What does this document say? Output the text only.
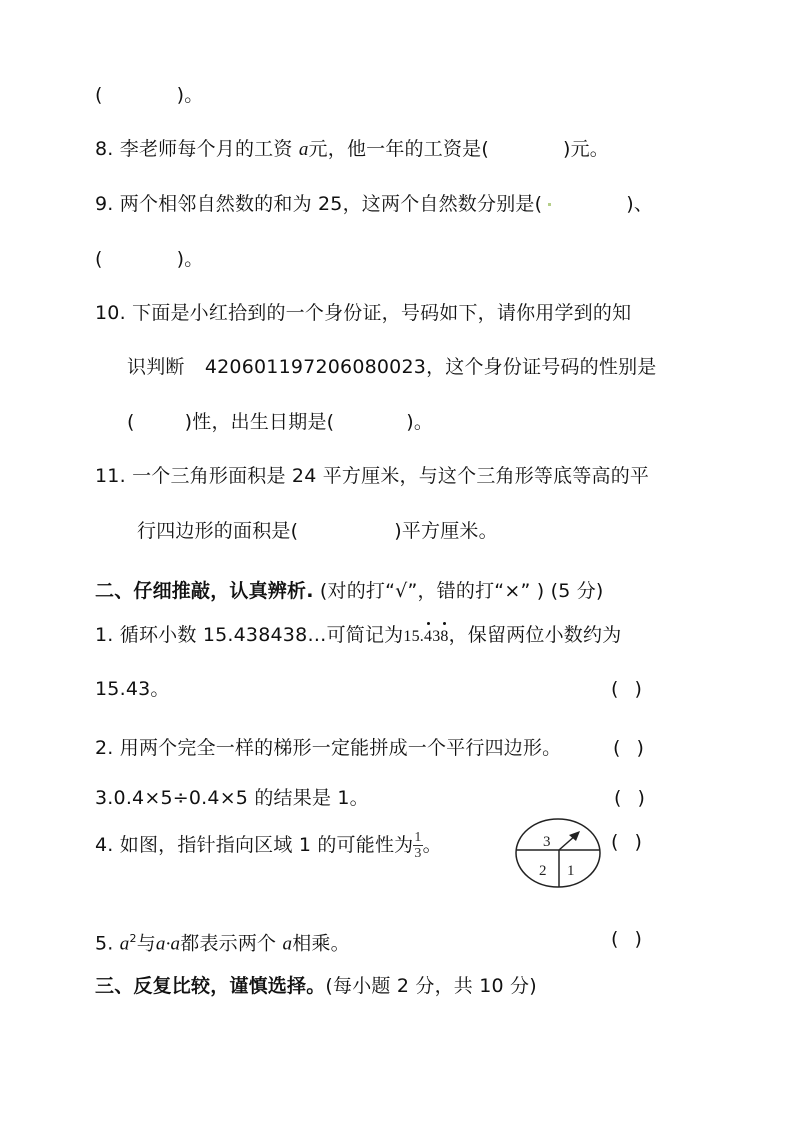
(	)。
8. 李老师每个月的工资 a元，他一年的工资是(	)元。
9. 两个相邻自然数的和为 25，这两个自然数分别是(	)、
(	)。
10. 下面是小红拾到的一个身份证，号码如下，请你用学到的知
识判断 420601197206080023，这个身份证号码的性别是
(	)性，出生日期是(	)。
11. 一个三角形面积是 24 平方厘米，与这个三角形等底等高的平
行四边形的面积是(	)平方厘米。
二、仔细推敲，认真辨析. (对的打“√”，错的打“×” ) (5 分)
1. 循环小数 15.438438…可简记为15.438，保留两位小数约为
15.43。	( )
2. 用两个完全一样的梯形一定能拼成一个平行四边形。	( )
3.0.4×5÷0.4×5 的结果是 1。	( )
4. 如图，指针指向区域 1 的可能性为 $\frac{1}{3}$ 。	( )
3
2 1
5. $a^2$与a·a都表示两个 a相乘。	( )
三、反复比较，谨慎选择。(每小题 2 分，共 10 分)
